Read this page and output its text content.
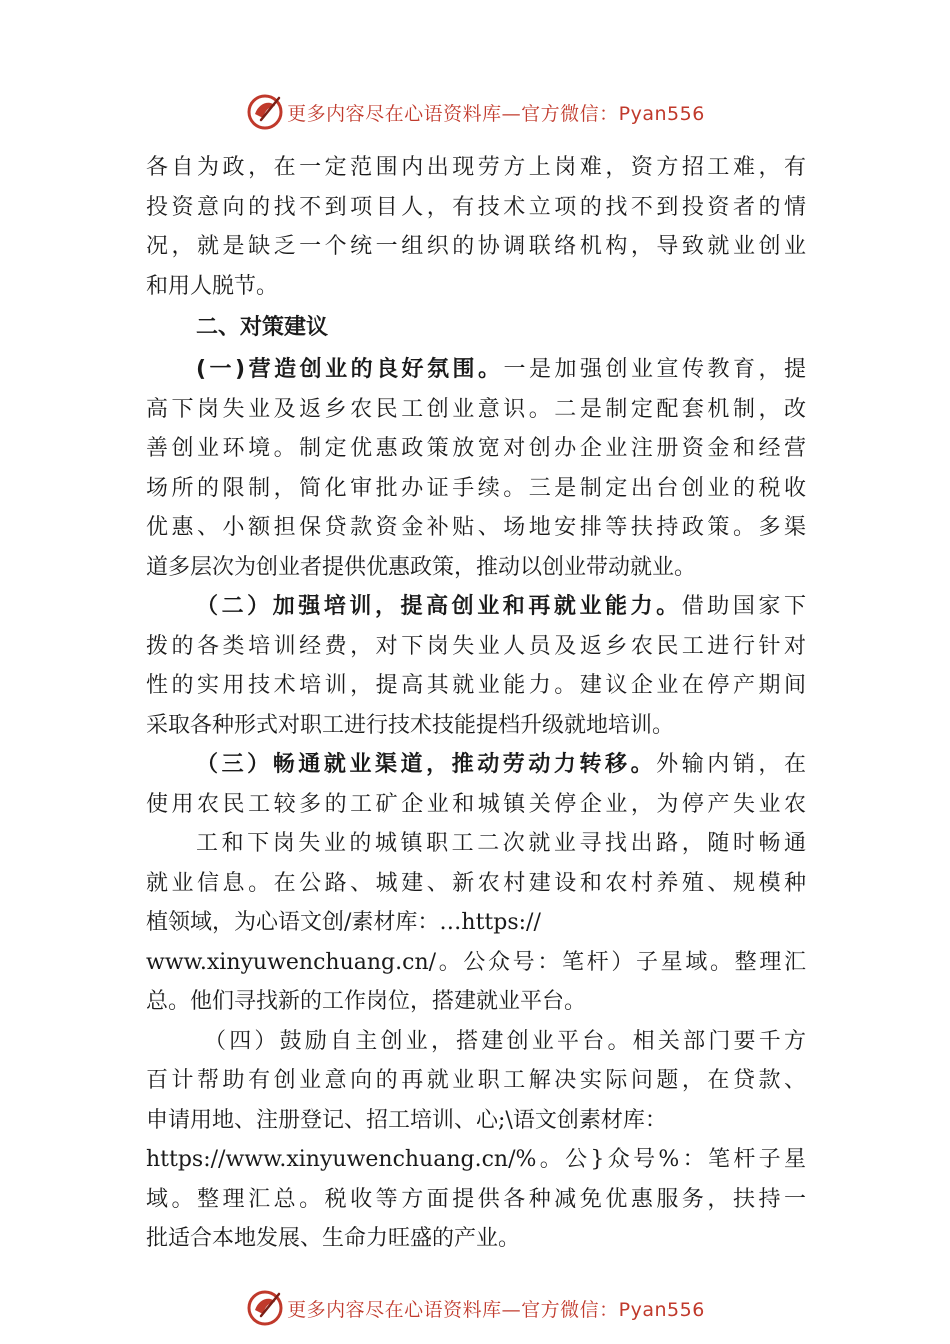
更多内容尽在心语资料库—官方微信：Pyan556
各自为政，在一定范围内出现劳方上岗难，资方招工难，有
投资意向的找不到项目人，有技术立项的找不到投资者的情
况，就是缺乏一个统一组织的协调联络机构，导致就业创业
和用人脱节。
二、对策建议
(一)营造创业的良好氛围。一是加强创业宣传教育，提
高下岗失业及返乡农民工创业意识。二是制定配套机制，改
善创业环境。制定优惠政策放宽对创办企业注册资金和经营
场所的限制，简化审批办证手续。三是制定出台创业的税收
优惠、小额担保贷款资金补贴、场地安排等扶持政策。多渠
道多层次为创业者提供优惠政策，推动以创业带动就业。
（二）加强培训，提高创业和再就业能力。借助国家下
拨的各类培训经费，对下岗失业人员及返乡农民工进行针对
性的实用技术培训，提高其就业能力。建议企业在停产期间
采取各种形式对职工进行技术技能提档升级就地培训。
（三）畅通就业渠道，推动劳动力转移。外输内销，在
使用农民工较多的工矿企业和城镇关停企业，为停产失业农
工和下岗失业的城镇职工二次就业寻找出路，随时畅通
就业信息。在公路、城建、新农村建设和农村养殖、规模种
植领域，为心语文创/素材库：…https://
www.xinyuwenchuang.cn/。公众号：笔杆）子星域。整理汇
总。他们寻找新的工作岗位，搭建就业平台。
（四）鼓励自主创业，搭建创业平台。相关部门要千方
百计帮助有创业意向的再就业职工解决实际问题，在贷款、
申请用地、注册登记、招工培训、心;\语文创素材库：
https://www.xinyuwenchuang.cn/%。公}众号%：笔杆子星
域。整理汇总。税收等方面提供各种减免优惠服务，扶持一
批适合本地发展、生命力旺盛的产业。
更多内容尽在心语资料库—官方微信：Pyan556
